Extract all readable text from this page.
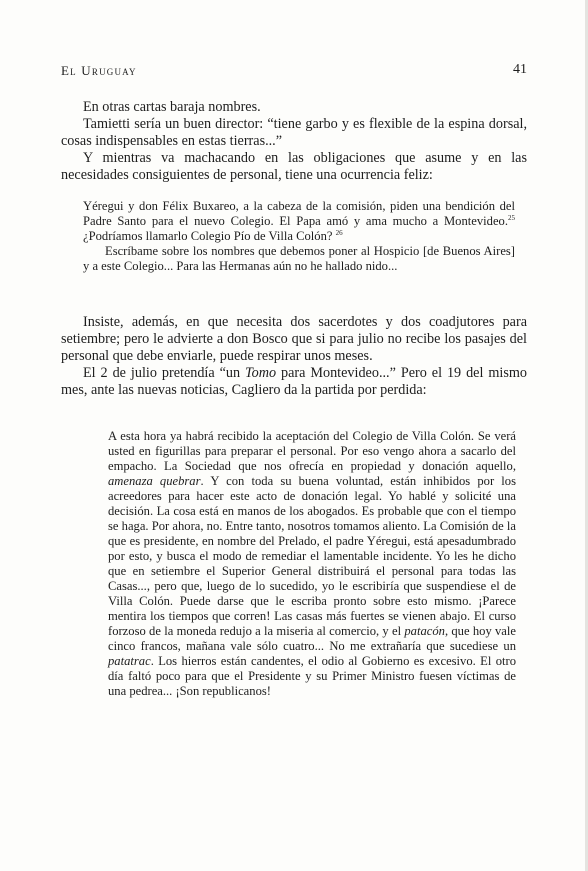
El Uruguay	41

En otras cartas baraja nombres.

Tamietti sería un buen director: “tiene garbo y es flexible de la espina dorsal, cosas indispensables en estas tierras...”

Y mientras va machacando en las obligaciones que asume y en las necesidades consiguientes de personal, tiene una ocurrencia feliz:

Yéregui y don Félix Buxareo, a la cabeza de la comisión, piden una bendición del Padre Santo para el nuevo Colegio. El Papa amó y ama mucho a Montevideo.$^{25}$ ¿Podríamos llamarlo Colegio Pío de Villa Colón? $^{26}$

Escríbame sobre los nombres que debemos poner al Hospicio [de Buenos Aires] y a este Colegio... Para las Hermanas aún no he hallado nido...

Insiste, además, en que necesita dos sacerdotes y dos coadjutores para setiembre; pero le advierte a don Bosco que si para julio no recibe los pasajes del personal que debe enviarle, puede respirar unos meses.

El 2 de julio pretendía “un Tomo para Montevideo...” Pero el 19 del mismo mes, ante las nuevas noticias, Cagliero da la partida por perdida:

A esta hora ya habrá recibido la aceptación del Colegio de Villa Colón. Se verá usted en figurillas para preparar el personal. Por eso vengo ahora a sacarlo del empacho. La Sociedad que nos ofrecía en propiedad y donación aquello, amenaza quebrar. Y con toda su buena voluntad, están inhibidos por los acreedores para hacer este acto de donación legal. Yo hablé y solicité una decisión. La cosa está en manos de los abogados. Es probable que con el tiempo se haga. Por ahora, no. Entre tanto, nosotros tomamos aliento. La Comisión de la que es presidente, en nombre del Prelado, el padre Yéregui, está apesadumbrado por esto, y busca el modo de remediar el lamentable incidente. Yo les he dicho que en setiembre el Superior General distribuirá el personal para todas las Casas..., pero que, luego de lo sucedido, yo le escribiría que suspendiese el de Villa Colón. Puede darse que le escriba pronto sobre esto mismo. ¡Parece mentira los tiempos que corren! Las casas más fuertes se vienen abajo. El curso forzoso de la moneda redujo a la miseria al comercio, y el patacón, que hoy vale cinco francos, mañana vale sólo cuatro... No me extrañaría que sucediese un patatrac. Los hierros están candentes, el odio al Gobierno es excesivo. El otro día faltó poco para que el Presidente y su Primer Ministro fuesen víctimas de una pedrea... ¡Son republicanos!
